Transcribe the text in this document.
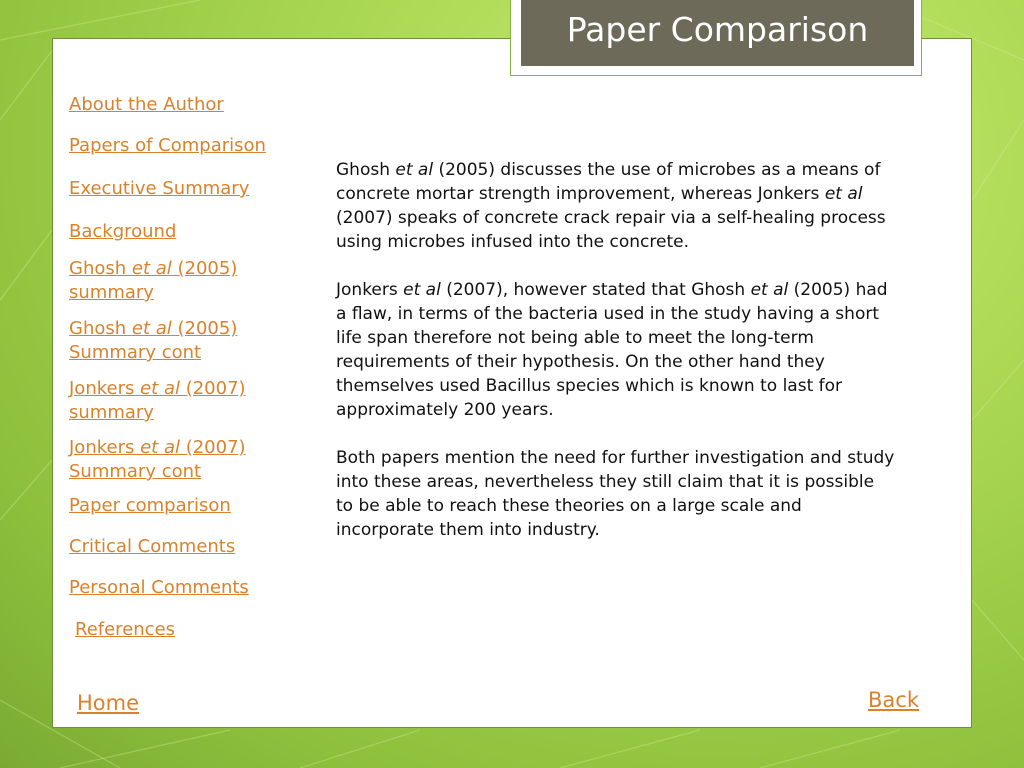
Paper Comparison
About the Author
Papers of Comparison
Executive Summary
Background
Ghosh et al (2005)
summary
Ghosh et al (2005)
Summary cont
Jonkers et al (2007)
summary
Jonkers et al (2007)
Summary cont
Paper comparison
Critical Comments
Personal Comments
References

Ghosh et al (2005) discusses the use of microbes as a means of concrete mortar strength improvement, whereas Jonkers et al (2007) speaks of concrete crack repair via a self-healing process using microbes infused into the concrete.

Jonkers et al (2007), however stated that Ghosh et al (2005) had a flaw, in terms of the bacteria used in the study having a short life span therefore not being able to meet the long-term requirements of their hypothesis. On the other hand they themselves used Bacillus species which is known to last for approximately 200 years.

Both papers mention the need for further investigation and study into these areas, nevertheless they still claim that it is possible to be able to reach these theories on a large scale and incorporate them into industry.

Home	Back
